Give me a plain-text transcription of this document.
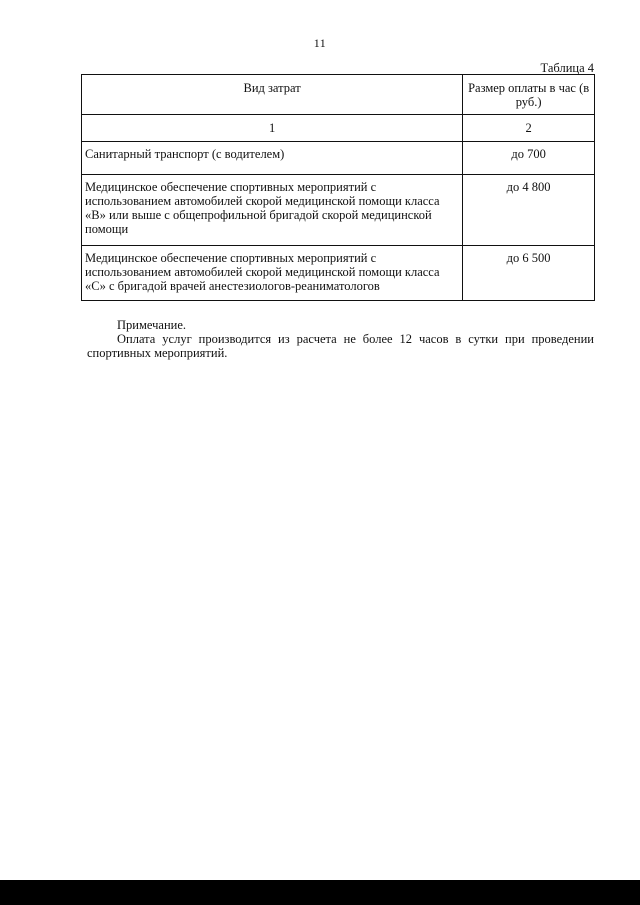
11
Таблица 4
Вид затрат	Размер оплаты в час (в руб.)
1	2
Санитарный транспорт (с водителем)	до 700
Медицинское обеспечение спортивных мероприятий с использованием автомобилей скорой медицинской помощи класса «В» или выше с общепрофильной бригадой скорой медицинской помощи	до 4 800
Медицинское обеспечение спортивных мероприятий с использованием автомобилей скорой медицинской помощи класса «С» с бригадой врачей анестезиологов-реаниматологов	до 6 500
Примечание.
Оплата услуг производится из расчета не более 12 часов в сутки при проведении спортивных мероприятий.
